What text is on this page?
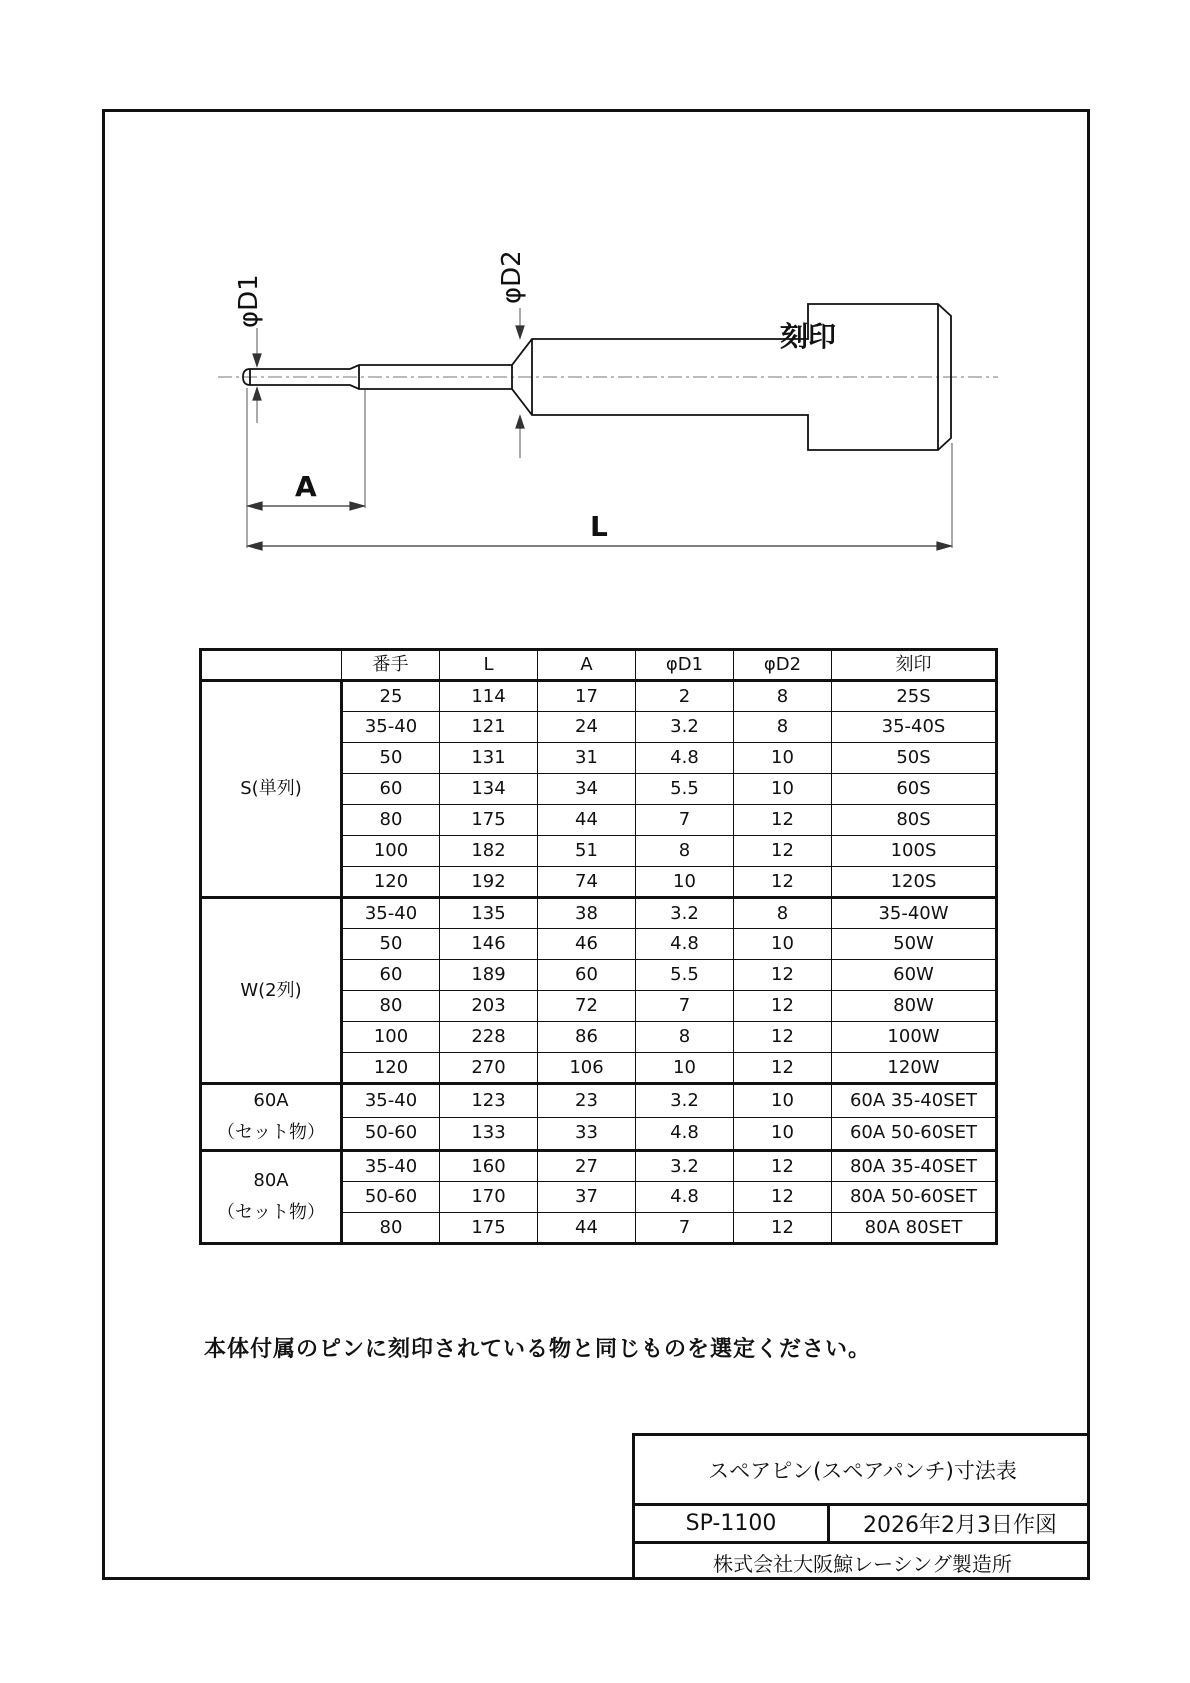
φD1	φD2
刻印
A
L
	番手	L	A	φD1	φD2	刻印

S(単列)	25	114	17	2	8	25S
	35-40	121	24	3.2	8	35-40S
	50	131	31	4.8	10	50S
	60	134	34	5.5	10	60S
	80	175	44	7	12	80S
	100	182	51	8	12	100S
	120	192	74	10	12	120S

W(2列)	35-40	135	38	3.2	8	35-40W
	50	146	46	4.8	10	50W
	60	189	60	5.5	12	60W
	80	203	72	7	12	80W
	100	228	86	8	12	100W
	120	270	106	10	12	120W

60A
（セット物）	35-40	123	23	3.2	10	60A 35-40SET
	50-60	133	33	4.8	10	60A 50-60SET

80A
（セット物）	35-40	160	27	3.2	12	80A 35-40SET
	50-60	170	37	4.8	12	80A 50-60SET
	80	175	44	7	12	80A 80SET
本体付属のピンに刻印されている物と同じものを選定ください。
スペアピン(スペアパンチ)寸法表
SP-1100	2026年2月3日作図
株式会社大阪鯨レーシング製造所
